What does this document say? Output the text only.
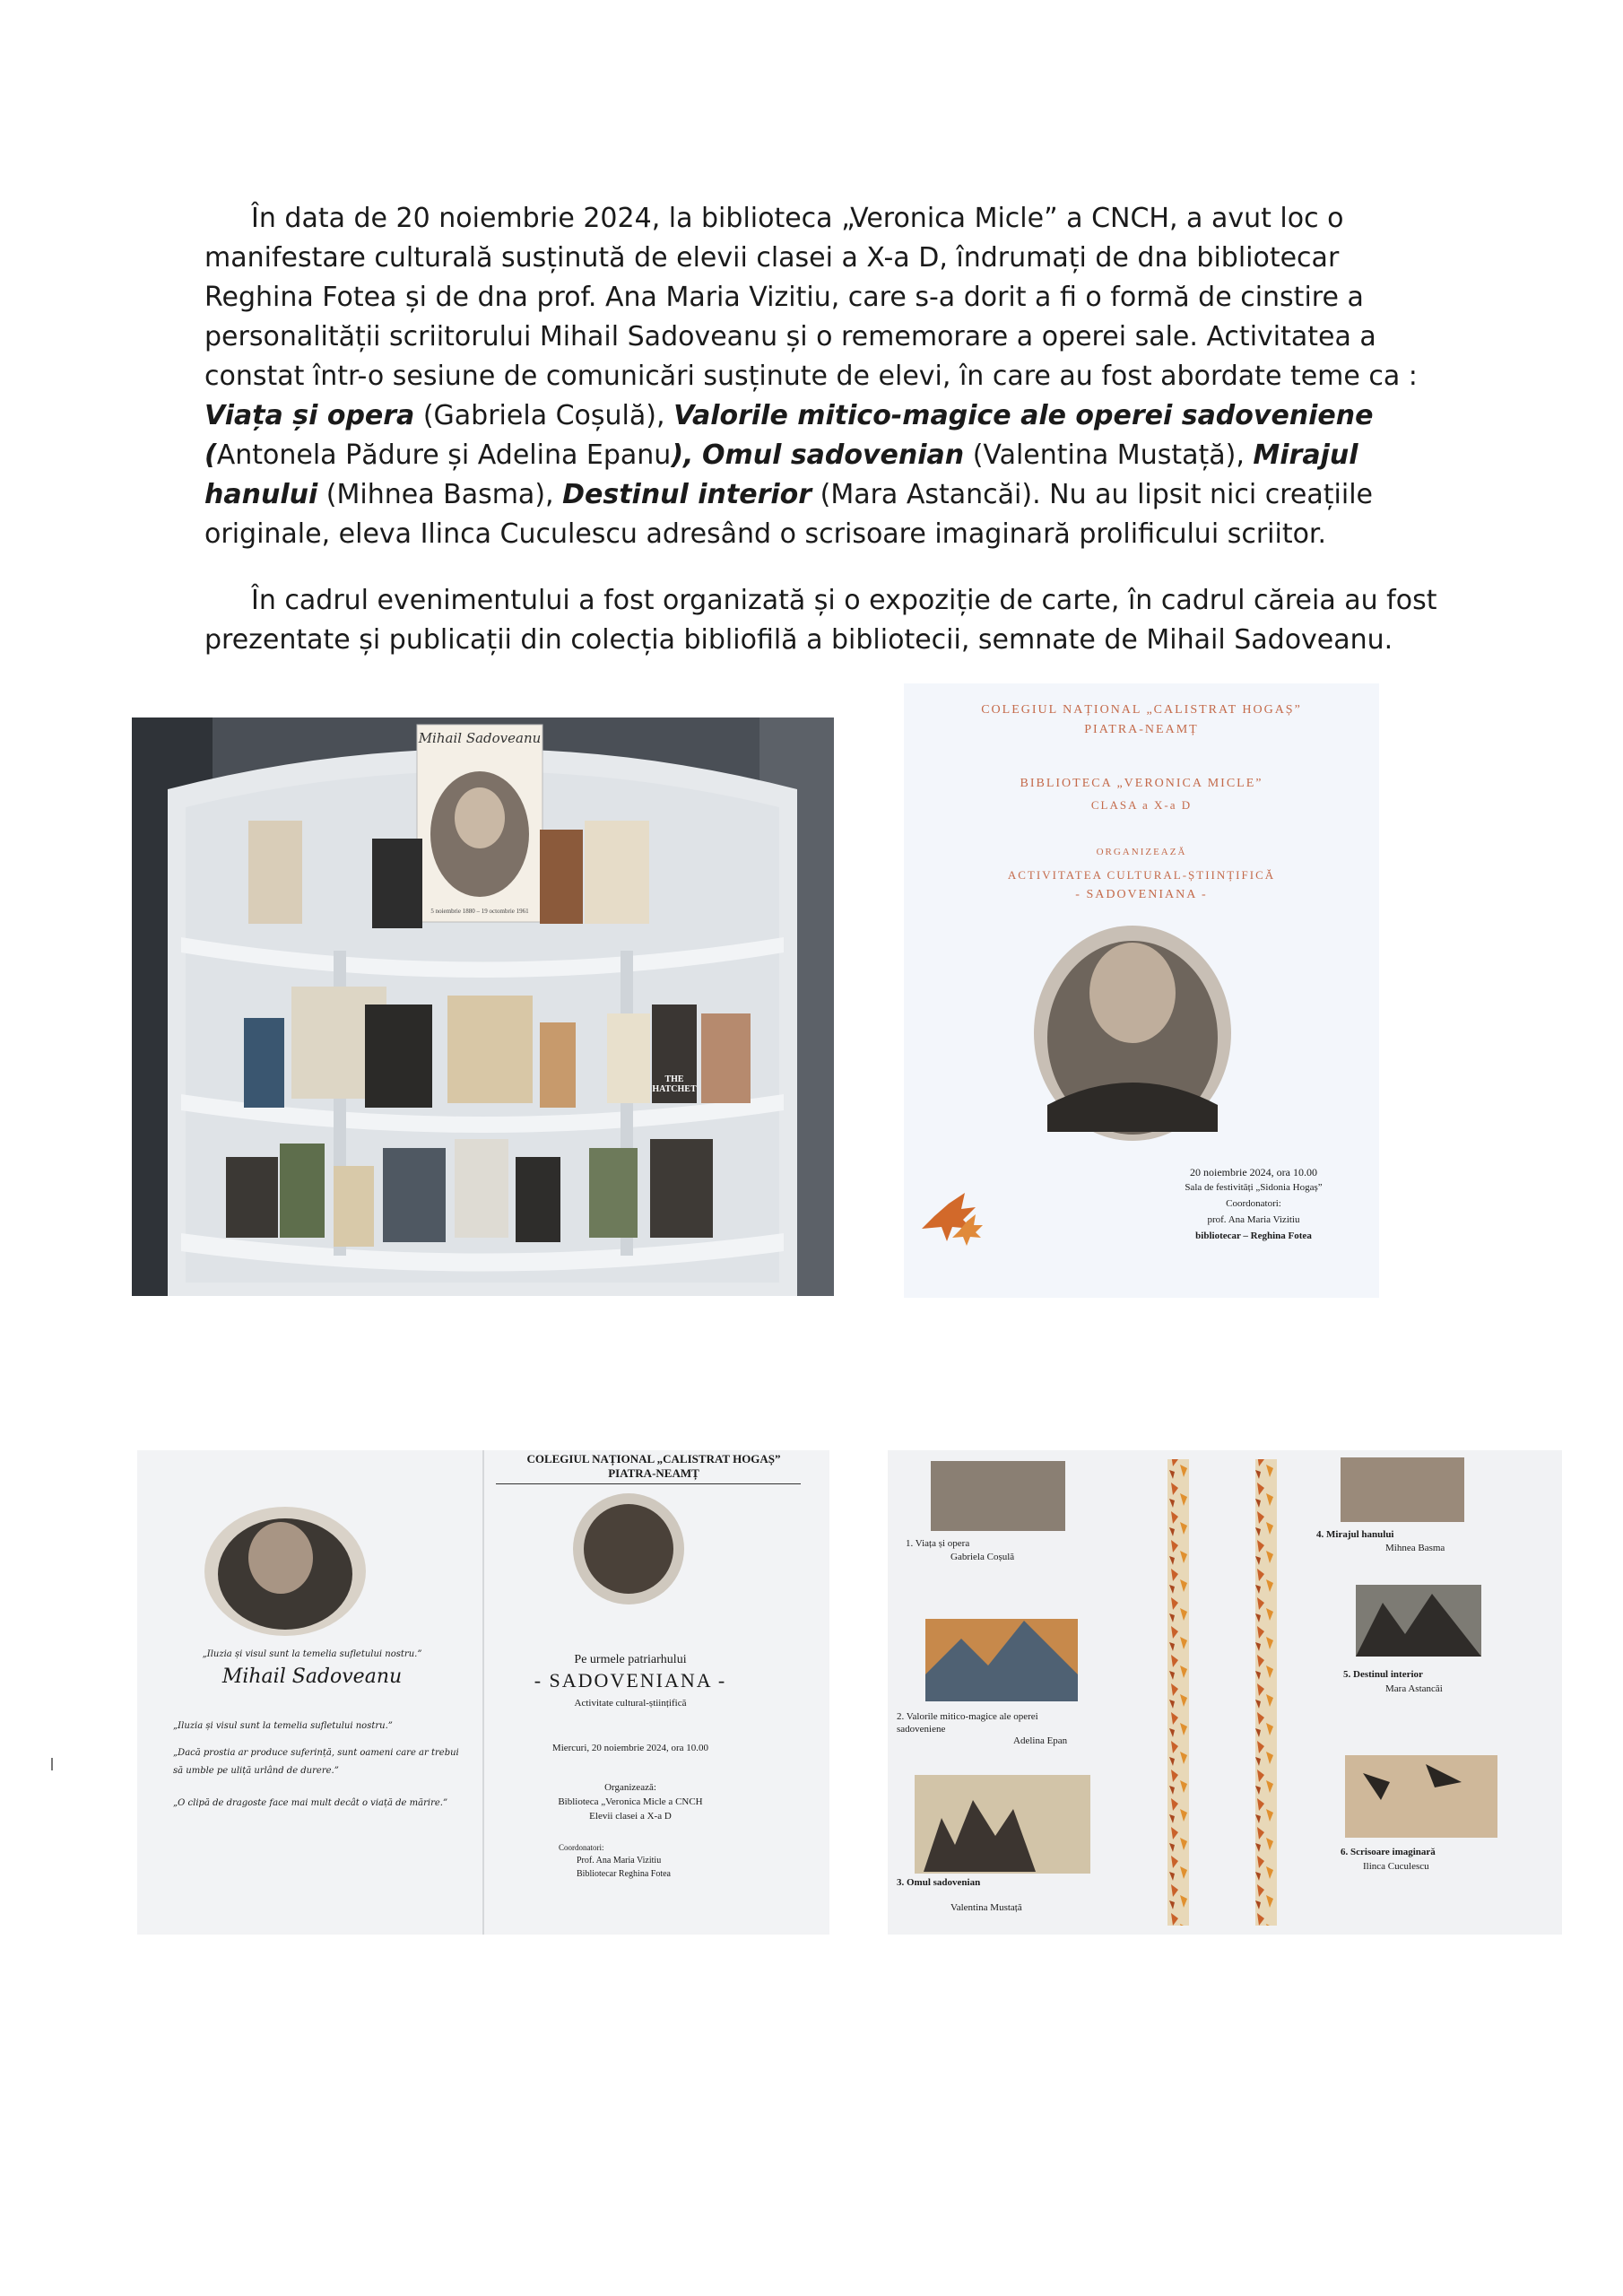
În data de 20 noiembrie 2024, la biblioteca „Veronica Micle” a CNCH, a avut loc o manifestare culturală susținută de elevii clasei a X-a D, îndrumați de dna bibliotecar Reghina Fotea și de dna prof. Ana Maria Vizitiu, care s-a dorit a fi o formă de cinstire a personalității scriitorului Mihail Sadoveanu și o rememorare a operei sale. Activitatea a constat într-o sesiune de comunicări susținute de elevi, în care au fost abordate teme ca : Viața și opera (Gabriela Coșulă), Valorile mitico-magice ale operei sadoveniene (Antonela Pădure și Adelina Epanu), Omul sadovenian (Valentina Mustață), Mirajul hanului (Mihnea Basma), Destinul interior (Mara Astancăi). Nu au lipsit nici creațiile originale, eleva Ilinca Cuculescu adresând o scrisoare imaginară prolificului scriitor.

În cadrul evenimentului a fost organizată și o expoziție de carte, în cadrul căreia au fost prezentate și publicații din colecția bibliofilă a bibliotecii, semnate de Mihail Sadoveanu.

Mihail Sadoveanu
5 noiembrie 1880 – 19 octombrie 1961
THE HATCHET
COLEGIUL NAȚIONAL „CALISTRAT HOGAȘ”
PIATRA-NEAMȚ
BIBLIOTECA „VERONICA MICLE”
CLASA a X-a D
ORGANIZEAZĂ
ACTIVITATEA CULTURAL-ȘTIINȚIFICĂ
- SADOVENIANA -
20 noiembrie 2024, ora 10.00
Sala de festivități „Sidonia Hogaș”
Coordonatori:
prof. Ana Maria Vizitiu
bibliotecar – Reghina Fotea
COLEGIUL NAȚIONAL „CALISTRAT HOGAȘ”
PIATRA-NEAMȚ
„Iluzia și visul sunt la temelia sufletului nostru.”
Mihail Sadoveanu
„Iluzia și visul sunt la temelia sufletului nostru.”
„Dacă prostia ar produce suferință, sunt oameni care ar trebui să umble pe uliță urlând de durere.”
„O clipă de dragoste face mai mult decât o viață de mărire.”
Pe urmele patriarhului
- SADOVENIANA -
Activitate cultural-științifică
Miercuri, 20 noiembrie 2024, ora 10.00
Organizează:
Biblioteca „Veronica Micle a CNCH
Elevii clasei a X-a D
Coordonatori:
Prof. Ana Maria Vizitiu
Bibliotecar Reghina Fotea
1. Viața și opera
Gabriela Coșulă
2. Valorile mitico-magice ale operei sadoveniene
Adelina Epan
3. Omul sadovenian
Valentina Mustață
4. Mirajul hanului
Mihnea Basma
5. Destinul interior
Mara Astancăi
6. Scrisoare imaginară
Ilinca Cuculescu
